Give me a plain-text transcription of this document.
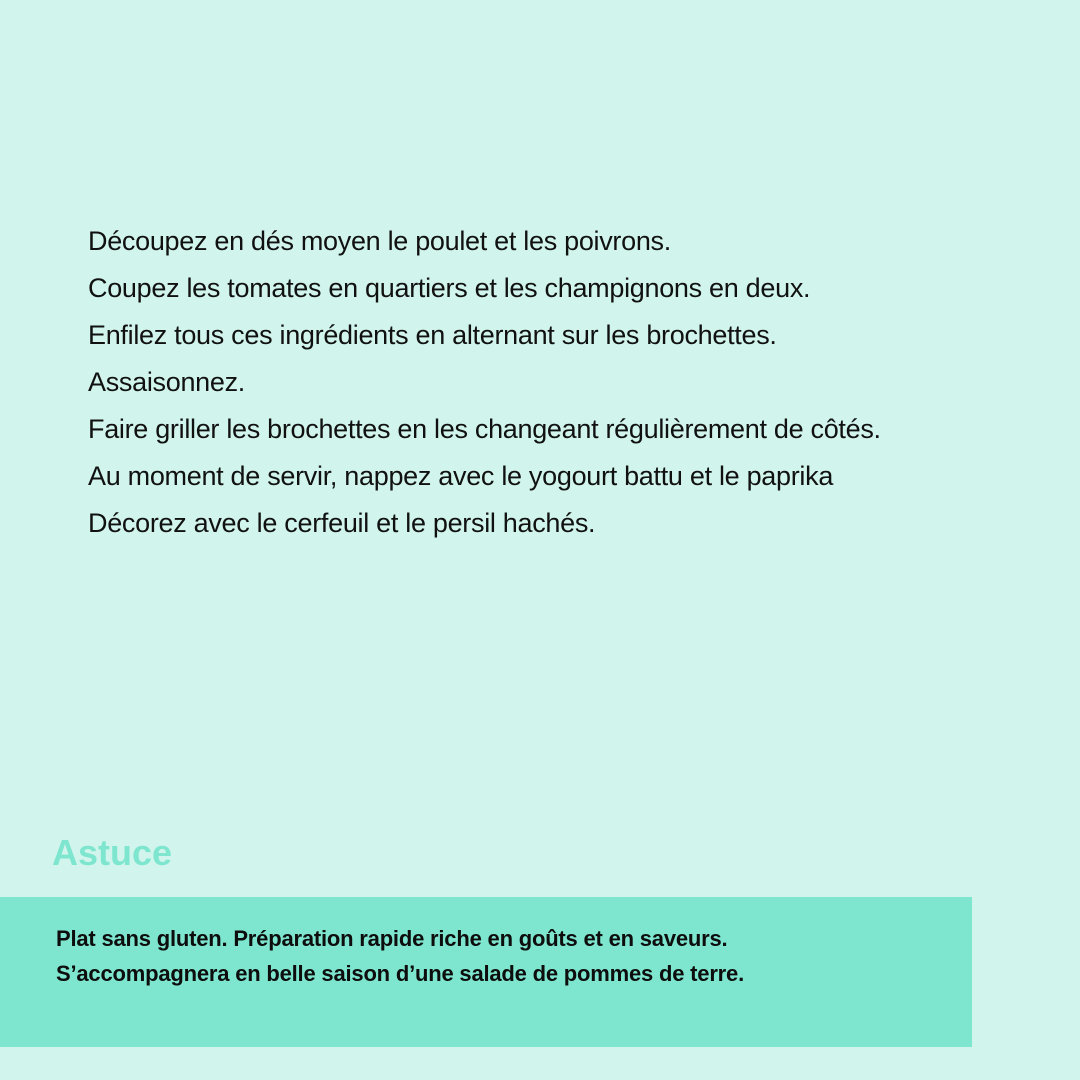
Découpez en dés moyen le poulet et les poivrons.
Coupez les tomates en quartiers et les champignons en deux.
Enfilez tous ces ingrédients en alternant sur les brochettes.
Assaisonnez.
Faire griller les brochettes en les changeant régulièrement de côtés.
Au moment de servir, nappez avec le yogourt battu et le paprika
Décorez avec le cerfeuil et le persil hachés.
Astuce
Plat sans gluten. Préparation rapide riche en goûts et en saveurs.
S’accompagnera en belle saison d’une salade de pommes de terre.
